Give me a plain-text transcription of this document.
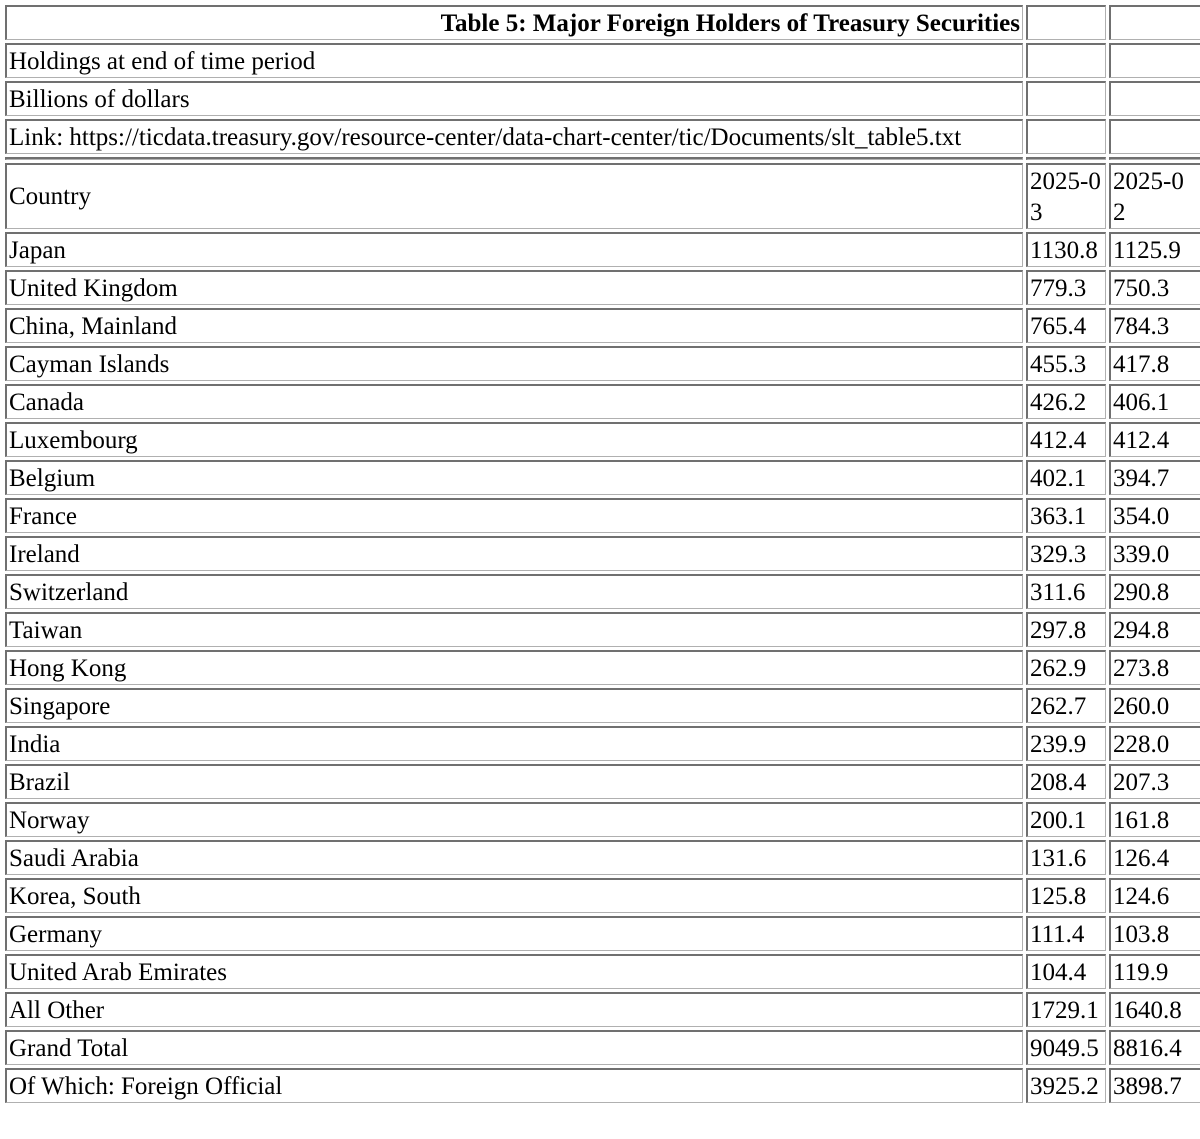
Table 5: Major Foreign Holders of Treasury Securities		
Holdings at end of time period		
Billions of dollars		
Link: https://ticdata.treasury.gov/resource-center/data-chart-center/tic/Documents/slt_table5.txt		

Country	2025-03	2025-02

Japan	1130.8	1125.9
United Kingdom	779.3	750.3
China, Mainland	765.4	784.3
Cayman Islands	455.3	417.8
Canada	426.2	406.1
Luxembourg	412.4	412.4
Belgium	402.1	394.7
France	363.1	354.0
Ireland	329.3	339.0
Switzerland	311.6	290.8
Taiwan	297.8	294.8
Hong Kong	262.9	273.8
Singapore	262.7	260.0
India	239.9	228.0
Brazil	208.4	207.3
Norway	200.1	161.8
Saudi Arabia	131.6	126.4
Korea, South	125.8	124.6
Germany	111.4	103.8
United Arab Emirates	104.4	119.9
All Other	1729.1	1640.8
Grand Total	9049.5	8816.4
Of Which: Foreign Official	3925.2	3898.7
